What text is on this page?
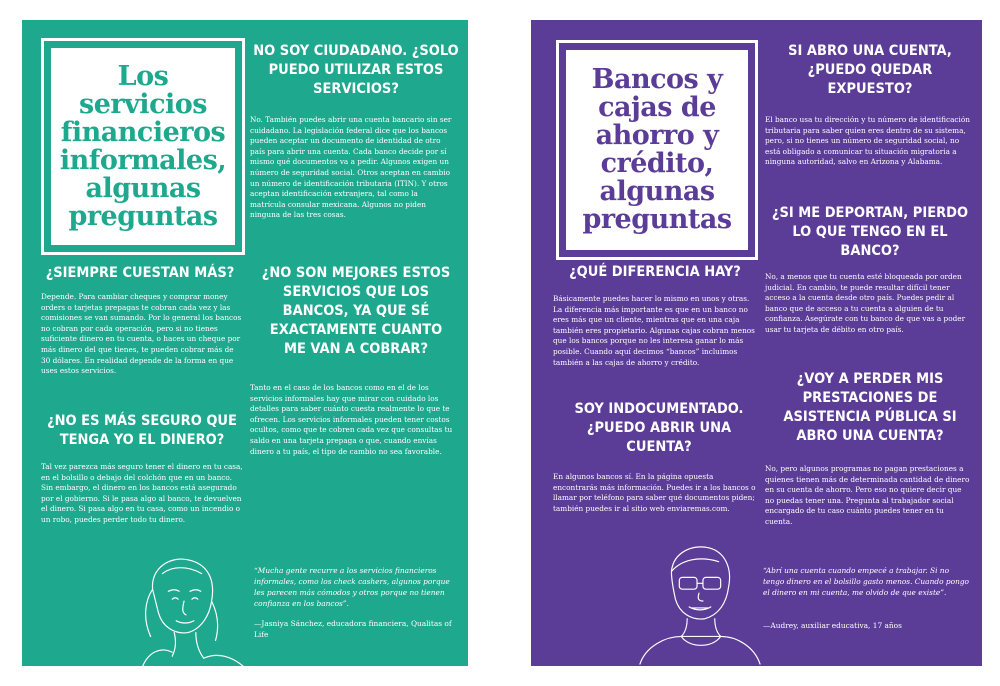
Los servicios financieros informales, algunas preguntas
NO SOY CIUDADANO. ¿SOLO PUEDO UTILIZAR ESTOS SERVICIOS?
No. También puedes abrir una cuenta bancario sin ser cuidadano. La legislación federal dice que los bancos pueden aceptar un documento de identidad de otro país para abrir una cuenta. Cada banco decide por sí mismo qué documentos va a pedir. Algunos exigen un número de seguridad social. Otros aceptan en cambio un número de identificación tributaria (ITIN). Y otros aceptan identificación extranjera, tal como la matrícula consular mexicana. Algunos no piden ninguna de las tres cosas.
¿SIEMPRE CUESTAN MÁS?
Depende. Para cambiar cheques y comprar money orders o tarjetas prepagas te cobran cada vez y las comisiones se van sumando. Por lo general los bancos no cobran por cada operación, pero si no tienes suficiente dinero en tu cuenta, o haces un cheque por más dinero del que tienes, te pueden cobrar más de 30 dólares. En realidad depende de la forma en que uses estos servicios.
¿NO SON MEJORES ESTOS SERVICIOS QUE LOS BANCOS, YA QUE SÉ EXACTAMENTE CUANTO ME VAN A COBRAR?
Tanto en el caso de los bancos como en el de los servicios informales hay que mirar con cuidado los detalles para saber cuánto cuesta realmente lo que te ofrecen. Los servicios informales pueden tener costos ocultos, como que te cobren cada vez que consultas tu saldo en una tarjeta prepaga o que, cuando envías dinero a tu país, el tipo de cambio no sea favorable.
¿NO ES MÁS SEGURO QUE TENGA YO EL DINERO?
Tal vez parezca más seguro tener el dinero en tu casa, en el bolsillo o debajo del colchón que en un banco. Sin embargo, el dinero en los bancos está asegurado por el gobierno. Si le pasa algo al banco, te devuelven el dinero. Si pasa algo en tu casa, como un incendio o un robo, puedes perder todo tu dinero.
“Mucha gente recurre a los servicios financieros informales, como los check cashers, algunos porque les parecen más cómodos y otros porque no tienen confianza en los bancos”.
—Jasniya Sánchez, educadora financiera, Qualitas of Life
Bancos y cajas de ahorro y crédito, algunas preguntas
SI ABRO UNA CUENTA, ¿PUEDO QUEDAR EXPUESTO?
El banco usa tu dirección y tu número de identificación tributaria para saber quien eres dentro de su sistema, pero, si no tienes un número de seguridad social, no está obligado a comunicar tu situación migratoria a ninguna autoridad, salvo en Arizona y Alabama.
¿QUÉ DIFERENCIA HAY?
Básicamente puedes hacer lo mismo en unos y otras. La diferencia más importante es que en un banco no eres más que un cliente, mientras que en una caja también eres propietario. Algunas cajas cobran menos que los bancos porque no les interesa ganar lo más posible. Cuando aquí decimos “bancos” incluimos también a las cajas de ahorro y crédito.
¿SI ME DEPORTAN, PIERDO LO QUE TENGO EN EL BANCO?
No, a menos que tu cuenta esté bloqueada por orden judicial. En cambio, te puede resultar difícil tener acceso a la cuenta desde otro país. Puedes pedir al banco que de acceso a tu cuenta a alguien de tu confianza. Asegúrate con tu banco de que vas a poder usar tu tarjeta de débito en otro país.
SOY INDOCUMENTADO. ¿PUEDO ABRIR UNA CUENTA?
En algunos bancos sí. En la página opuesta encontrarás más información. Puedes ir a los bancos o llamar por teléfono para saber qué documentos piden; también puedes ir al sitio web enviaremas.com.
¿VOY A PERDER MIS PRESTACIONES DE ASISTENCIA PÚBLICA SI ABRO UNA CUENTA?
No, pero algunos programas no pagan prestaciones a quienes tienen más de determinada cantidad de dinero en su cuenta de ahorro. Pero eso no quiere decir que no puedas tener una. Pregunta al trabajador social encargado de tu caso cuánto puedes tener en tu cuenta.
“Abrí una cuenta cuando empecé a trabajar. Si no tengo dinero en el bolsillo gasto menos. Cuando pongo el dinero en mi cuenta, me olvido de que existe”.
—Audrey, auxiliar educativa, 17 años
